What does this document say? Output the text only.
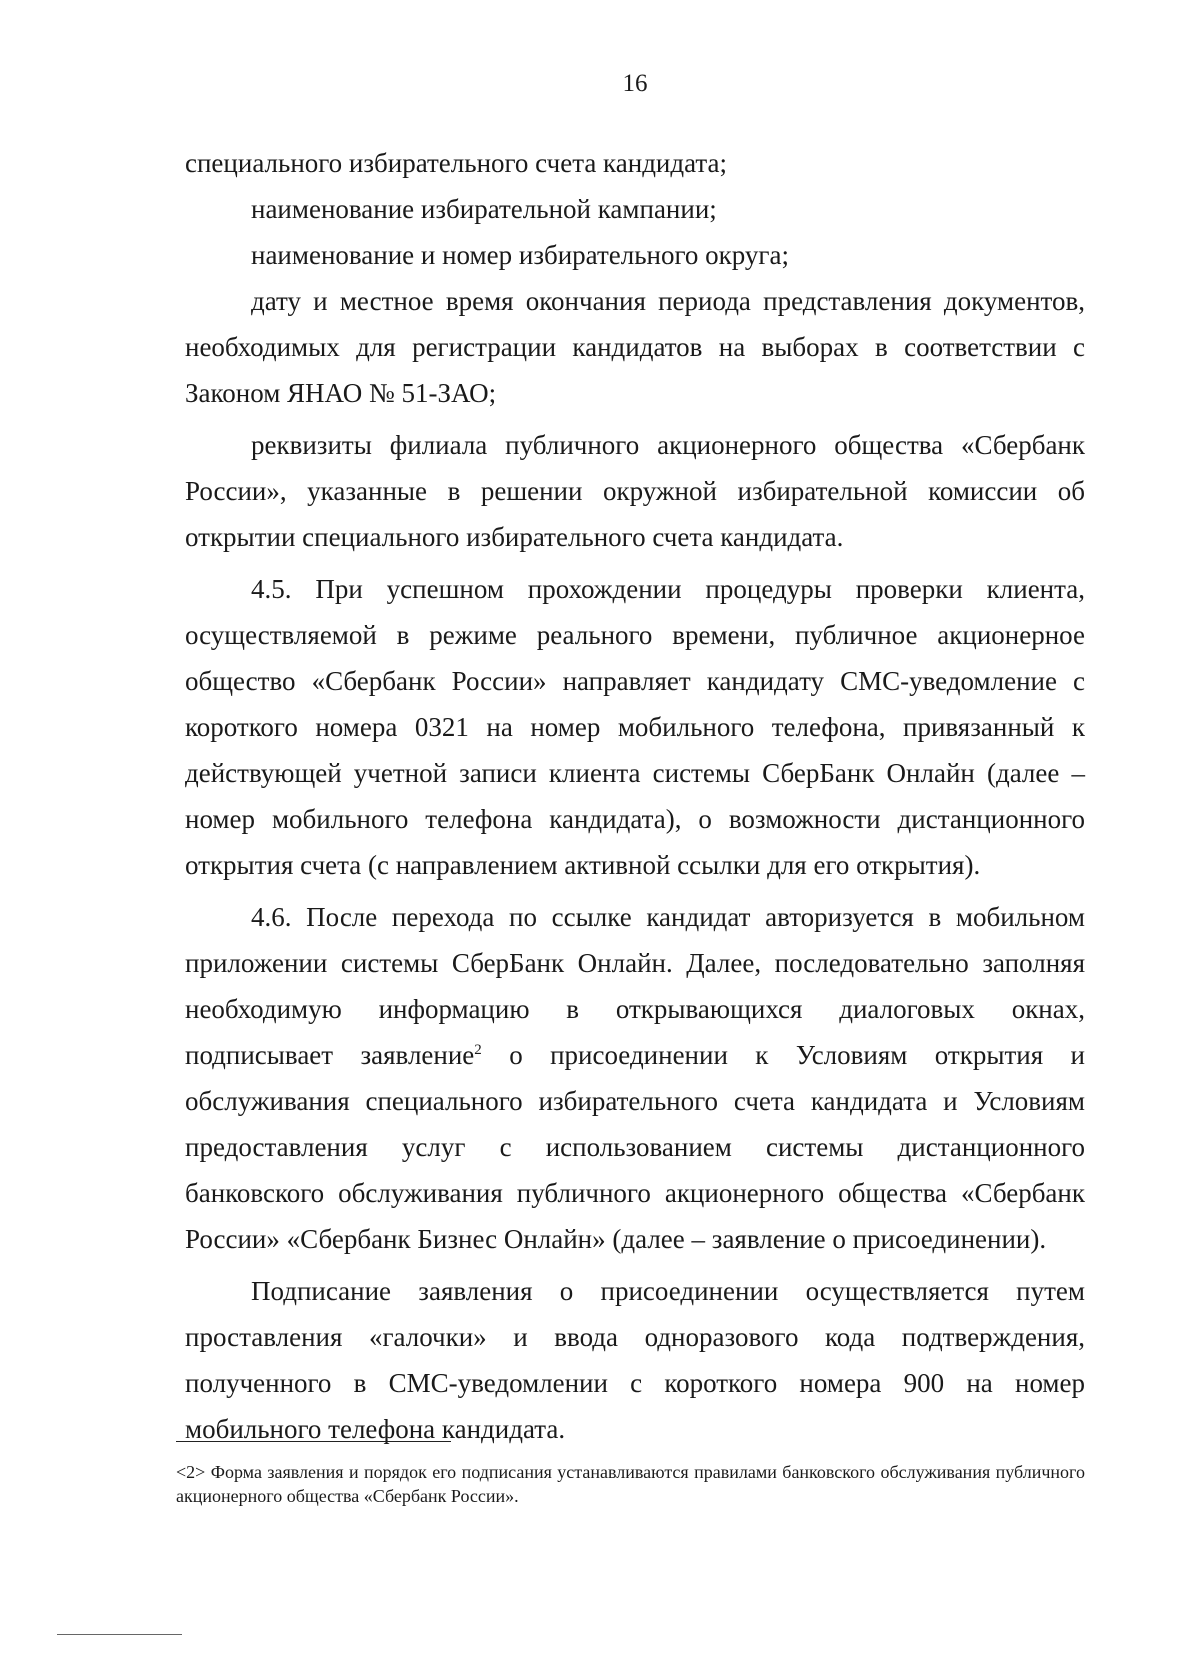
16

специального избирательного счета кандидата;

наименование избирательной кампании;

наименование и номер избирательного округа;

дату и местное время окончания периода представления документов, необходимых для регистрации кандидатов на выборах в соответствии с Законом ЯНАО № 51-ЗАО;

реквизиты филиала публичного акционерного общества «Сбербанк России», указанные в решении окружной избирательной комиссии об открытии специального избирательного счета кандидата.

4.5. При успешном прохождении процедуры проверки клиента, осуществляемой в режиме реального времени, публичное акционерное общество «Сбербанк России» направляет кандидату СМС-уведомление с короткого номера 0321 на номер мобильного телефона, привязанный к действующей учетной записи клиента системы СберБанк Онлайн (далее – номер мобильного телефона кандидата), о возможности дистанционного открытия счета (с направлением активной ссылки для его открытия).

4.6. После перехода по ссылке кандидат авторизуется в мобильном приложении системы СберБанк Онлайн. Далее, последовательно заполняя необходимую информацию в открывающихся диалоговых окнах, подписывает заявление$^2$ о присоединении к Условиям открытия и обслуживания специального избирательного счета кандидата и Условиям предоставления услуг с использованием системы дистанционного банковского обслуживания публичного акционерного общества «Сбербанк России» «Сбербанк Бизнес Онлайн» (далее – заявление о присоединении).

Подписание заявления о присоединении осуществляется путем проставления «галочки» и ввода одноразового кода подтверждения, полученного в СМС-уведомлении с короткого номера 900 на номер мобильного телефона кандидата.

<2> Форма заявления и порядок его подписания устанавливаются правилами банковского обслуживания публичного акционерного общества «Сбербанк России».
